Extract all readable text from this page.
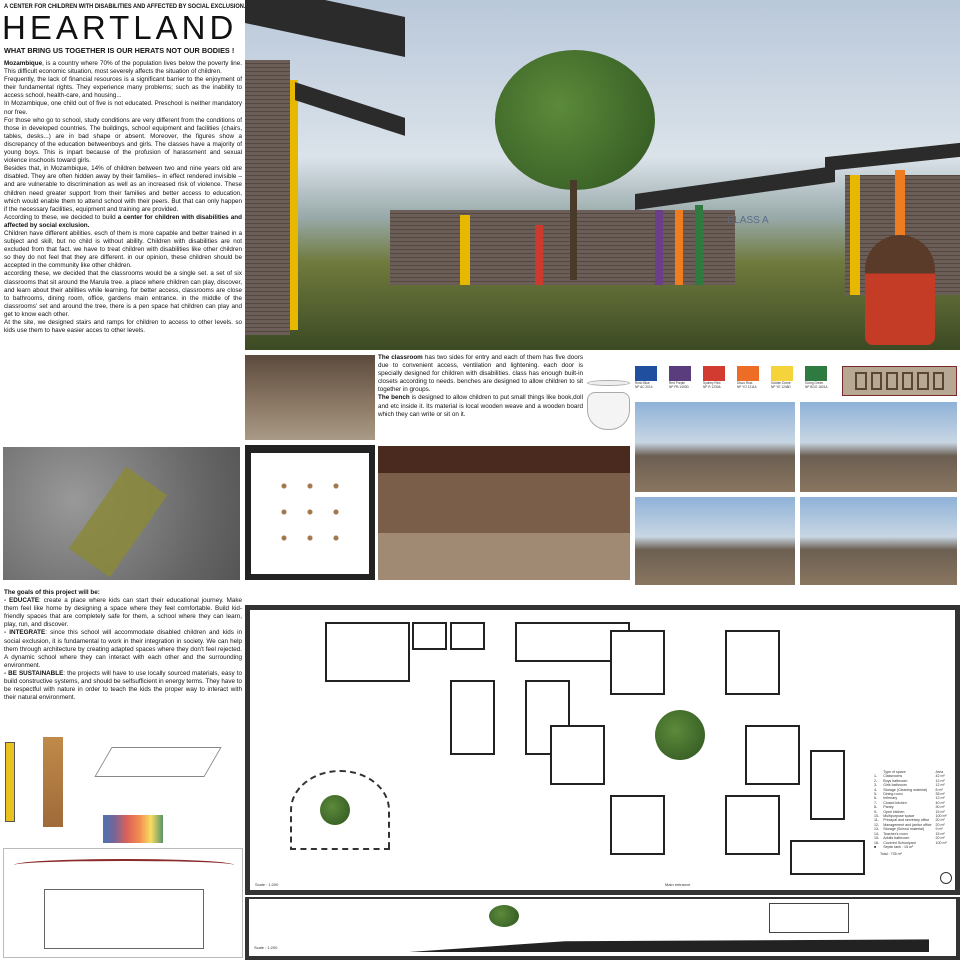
A CENTER FOR CHILDREN WITH DISABILITIES AND AFFECTED BY SOCIAL EXCLUSION.
HEARTLAND
WHAT BRING US TOGETHER IS OUR HERATS NOT OUR BODIES !

Mozambique, is a country where 70% of the population lives below the poverty line. This difficult economic situation, most severely affects the situation of children.

Frequently, the lack of financial resources is a significant barrier to the enjoyment of their fundamental rights. They experience many problems; such as the inability to access school, health-care, and housing...

In Mozambique, one child out of five is not educated. Preschool is neither mandatory nor free.

For those who go to school, study conditions are very different from the conditions of those in developed countries. The buildings, school equipment and facilities (chairs, tables, desks...) are in bad shape or absent. Moreover, the figures show a discrepancy of the education betweenboys and girls. The classes have a majority of young boys. This is inpart because of the profusion of harassment and sexual violence inschools toward girls.

Besides that, in Mozambique, 14% of children between two and nine years old are disabled. They are often hidden away by their families– in effect rendered invisible – and are vulnerable to discrimination as well as an increased risk of violence. These children need greater support from their families and better access to education, which would enable them to attend school with their peers. But that can only happen if the necessary facilities, equipment and training are provided.

According to these, we decided to build a center for children with disabilities and affected by social exclusion.

Children have different abilities. esch of them is more capable and better trained in a subject and skill, but no child is without ability. Children with disabilities are not excluded from that fact. we have to treat children with disabilities like other children so they do not feel that they are different. in our opinion, these children should be accepted in the community like other children.

according these, we decided that the classrooms would be a single set. a set of six classrooms that sit around the Marula tree. a place where children can play, discover, and learn about their abilities while learning. for better access, classrooms are close to bathrooms, dining room, office, gardens main entrance. in the middle of the classrooms' set and around the tree, there is a pen space hat children can play and get to know each other.

At the site, we designed stairs and ramps for children to access to other levels. so kids use them to have easier acces to other levels.

CLASS A

The classroom has two sides for entry and each of them has five doors due to convenient access, ventilation and lightening. each door is specially designed for children with disabilities. class has enough built-in closets according to needs. benches are designed to allow children to sit together in groups.

The bench is designed to allow children to put small things like book,doll and etc inside it. Its material is local wooden weave and a wooden board which they can write or sit on it.

Rush Blue
NP AC 2014
Red Purple
NP PB 1490D
Sydney Red
NP R 1230A
Disco Rust
NP YO 1211A
Golden Dome
NP YE 1248D
Going Green
NP BGG 1601A

The goals of this project will be:

- EDUCATE: create a place where kids can start their educational journey. Make them feel like home by designing a space where they feel comfortable. Build kid-friendly spaces that are completely safe for them, a school where they can learn, play, run, and discover.

- INTEGRATE: since this school will accommodate disabled children and kids in social exclusion, it is fundamental to work in their integration in society. We can help them through architecture by creating adapted spaces where they don't feel rejected. A dynamic school where they can interact with each other and the surrounding environment.

- BE SUSTAINABLE: the projects will have to use locally sourced materials, easy to build constructive systems, and should be selfsufficient in energy terms. They have to be respectful with nature in order to teach the kids the proper way to interact with their natural environment.

Main entrance
Scale : 1:200
	Type of space	Area
1-	Classrooms	42 m²
2-	Boys bathroom	12 m²
3-	Girls bathroom	12 m²
4-	Storage (Cleaning material)	8 m²
5-	Dining room	35 m²
6-	Infirmary	12 m²
7-	Closed kitchen	40 m²
8-	Pantry	30 m²
9-	Open kitchen	15 m²
10-	Multipurpose space	100 m²
11-	Principal and secretary office	20 m²
12-	Management and janitor office	20 m²
13-	Storage (School material)	9 m²
14-	Teacher's room	15 m²
15-	Adults bathroom	20 m²
16-	Covered Schoolyard	100 m²
■	Septic tank : 15 m³	
Total : 735 m²
Scale : 1:200
